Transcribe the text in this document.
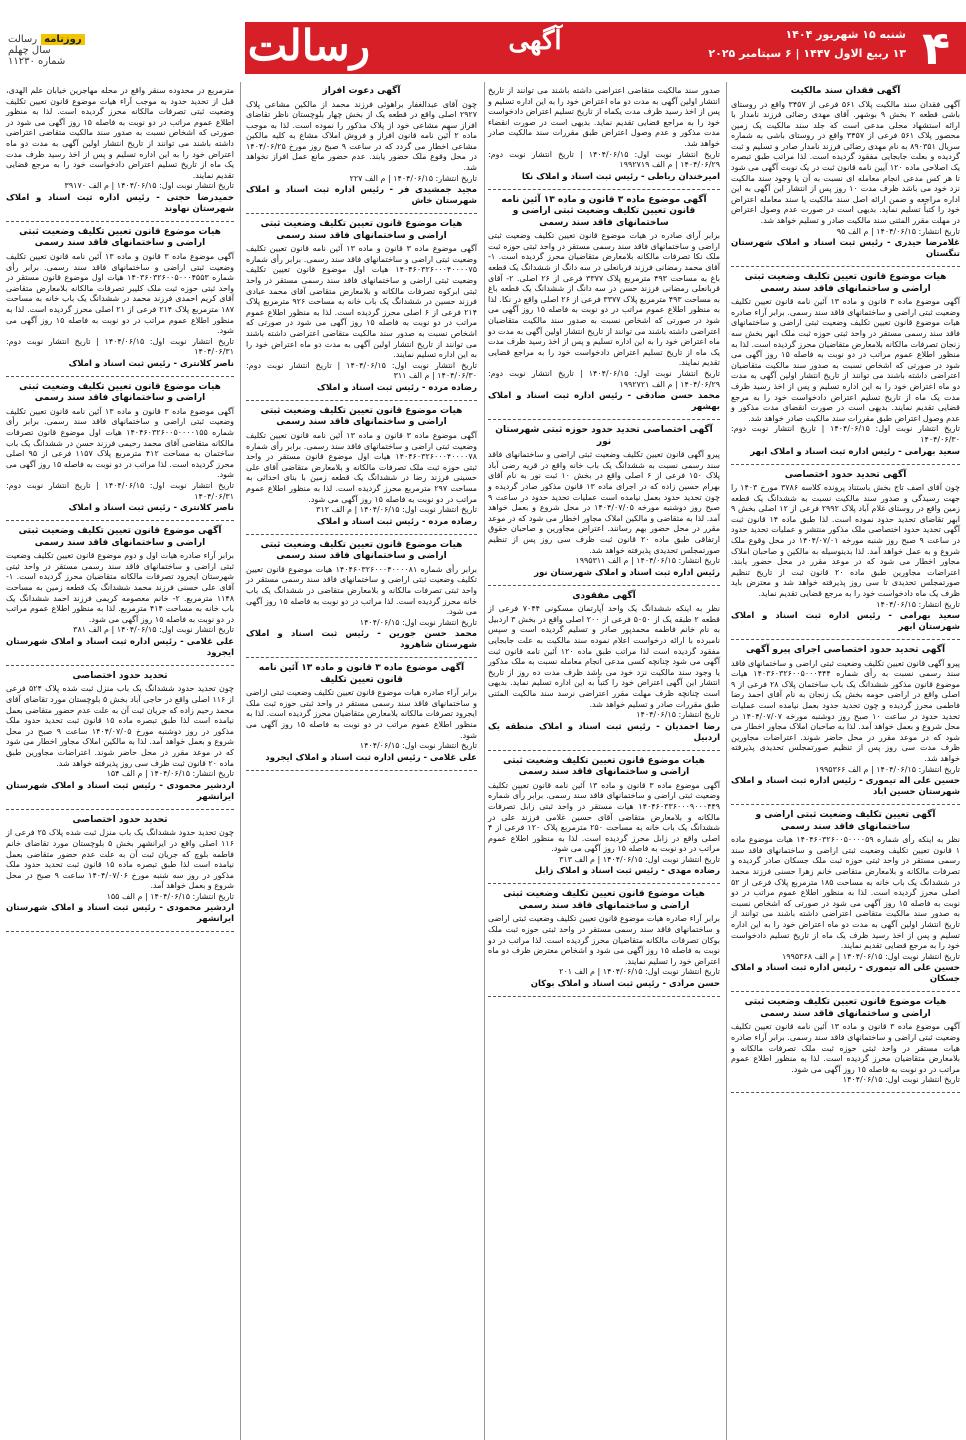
۴
شنبه ۱۵ شهریور ۱۴۰۴
۱۳ ربیع الاول ۱۴۴۷ | ۶ سپتامبر ۲۰۲۵
آگهی
رسالت
روزنامهرسالت
سال چهلم
شماره ۱۱۲۳۰
آگهی فقدان سند مالکیت
آگهی فقدان سند مالکیت پلاک ۵۶۱ فرعی از ۳۴۵۷ واقع در روستای باشی قطعه ۲ بخش ۹ بوشهر. آقای مهدی رضائی فرزند نامدار با ارائه استشهاد محلی مدعی است که جلد سند مالکیت یک زمین محصور پلاک ۵۶۱ فرعی از ۳۴۵۷ واقع در روستای باشی به شماره سریال ۸۹۰۳۵۱ به نام مهدی رضائی فرزند نامدار صادر و تسلیم و ثبت گردیده و بعلت جابجایی مفقود گردیده است. لذا مراتب طبق تبصره یک اصلاحی ماده ۱۲۰ آیین نامه قانون ثبت در یک نوبت آگهی می شود تا هر کس مدعی انجام معامله ای نسبت به آن یا وجود سند مالکیت نزد خود می باشد ظرف مدت ۱۰ روز پس از انتشار این آگهی به این اداره مراجعه و ضمن ارائه اصل سند مالکیت یا سند معامله اعتراض خود را کتباً تسلیم نماید. بدیهی است در صورت عدم وصول اعتراض در مهلت مقرر المثنی سند مالکیت صادر و تسلیم خواهد شد.
تاریخ انتشار: ۱۴۰۴/۰۶/۱۵ | م الف ۹۵
غلامرضا حیدری - رئیس ثبت اسناد و املاک شهرستان تنگستان
هیات موضوع قانون تعیین تکلیف وضعیت ثبتی اراضی و ساختمانهای فاقد سند رسمی
آگهی موضوع ماده ۳ قانون و ماده ۱۳ آئین نامه قانون تعیین تکلیف وضعیت ثبتی اراضی و ساختمانهای فاقد سند رسمی. برابر آراء صادره هیات موضوع قانون تعیین تکلیف وضعیت ثبتی اراضی و ساختمانهای فاقد سند رسمی مستقر در واحد ثبتی حوزه ثبت ملک ابهر بخش سه زنجان تصرفات مالکانه بلامعارض متقاضیان محرز گردیده است. لذا به منظور اطلاع عموم مراتب در دو نوبت به فاصله ۱۵ روز آگهی می شود در صورتی که اشخاص نسبت به صدور سند مالکیت متقاضیان اعتراضی داشته باشند می توانند از تاریخ انتشار اولین آگهی به مدت دو ماه اعتراض خود را به این اداره تسلیم و پس از اخذ رسید ظرف مدت یک ماه از تاریخ تسلیم اعتراض دادخواست خود را به مرجع قضایی تقدیم نمایند. بدیهی است در صورت انقضای مدت مذکور و عدم وصول اعتراض طبق مقررات سند مالکیت صادر خواهد شد.
تاریخ انتشار نوبت اول: ۱۴۰۴/۰۶/۱۵ | تاریخ انتشار نوبت دوم: ۱۴۰۴/۰۶/۳۰
سعید بهرامی - رئیس اداره ثبت اسناد و املاک ابهر
آگهی تحدید حدود اختصاصی
چون آقای اصف تاج بخش باستناد پرونده کلاسه ۳۷۸۶ مورخ ۱۴۰۳ را جهت رسیدگی و صدور سند مالکیت نسبت به ششدانگ یک قطعه زمین واقع در روستای غلام آباد پلاک ۲۹۹۲ فرعی از ۱۲ اصلی بخش ۹ ابهر تقاضای تحدید حدود نموده است. لذا طبق ماده ۱۴ قانون ثبت آگهی تحدید حدود اختصاصی ملک مذکور منتشر و عملیات تحدید حدود در ساعت ۹ صبح روز شنبه مورخه ۱۴۰۴/۰۷/۰۱ در محل وقوع ملک شروع و به عمل خواهد آمد. لذا بدینوسیله به مالکین و صاحبان املاک مجاور اخطار می شود که در موعد مقرر در محل حضور یابند. اعتراضات مجاورین طبق ماده ۲۰ قانون ثبت از تاریخ تنظیم صورتمجلس تحدیدی تا سی روز پذیرفته خواهد شد و معترض باید ظرف یک ماه دادخواست خود را به مرجع قضایی تقدیم نماید.
تاریخ انتشار: ۱۴۰۴/۰۶/۱۵
سعید بهرامی - رئیس اداره ثبت اسناد و املاک شهرستان ابهر
آگهی تحدید حدود اختصاصی اجرای پیرو آگهی
پیرو آگهی قانون تعیین تکلیف وضعیت ثبتی اراضی و ساختمانهای فاقد سند رسمی نسبت به رأی شماره ۱۴۰۳۶۰۳۲۶۰۰۵۰۰۰۴۴۴ هیات موضوع قانون مذکور ششدانگ یک باب ساختمان پلاک ۲۸ فرعی از ۹ اصلی واقع در اراضی حومه بخش یک زنجان به نام آقای احمد رضا فاطمی محرز گردیده و چون تحدید حدود بعمل نیامده است عملیات تحدید حدود در ساعت ۱۰ صبح روز دوشنبه مورخه ۱۴۰۴/۰۷/۰۷ در محل شروع و بعمل خواهد آمد. لذا به صاحبان املاک مجاور اخطار می شود که در موعد مقرر در محل حاضر شوند. اعتراضات مجاورین ظرف مدت سی روز پس از تنظیم صورتمجلس تحدیدی پذیرفته خواهد شد.
تاریخ انتشار: ۱۴۰۴/۰۶/۱۵ | م الف ۱۹۹۵۳۶۶
حسین علی اله تیموری - رئیس اداره ثبت اسناد و املاک شهرستان حسین اباد
آگهی تعیین تکلیف وضعیت ثبتی اراضی و ساختمانهای فاقد سند رسمی
نظر به اینکه رأی شماره ۱۴۰۴۶۰۳۲۶۰۰۵۰۰۰۰۵۹ هیات موضوع ماده ۱ قانون تعیین تکلیف وضعیت ثبتی اراضی و ساختمانهای فاقد سند رسمی مستقر در واحد ثبتی حوزه ثبت ملک جسکان صادر گردیده و تصرفات مالکانه و بلامعارض متقاضی خانم زهرا حسنی فرزند محمد در ششدانگ یک باب خانه به مساحت ۱۸۵ مترمربع پلاک فرعی از ۵۲ اصلی محرز گردیده است. لذا به منظور اطلاع عموم مراتب در دو نوبت به فاصله ۱۵ روز آگهی می شود در صورتی که اشخاص نسبت به صدور سند مالکیت متقاضی اعتراضی داشته باشند می توانند از تاریخ انتشار اولین آگهی به مدت دو ماه اعتراض خود را به این اداره تسلیم و پس از اخذ رسید ظرف یک ماه از تاریخ تسلیم دادخواست خود را به مرجع قضایی تقدیم نمایند.
تاریخ انتشار نوبت اول: ۱۴۰۴/۰۶/۱۵ | م الف ۱۹۹۵۳۶۸
حسین علی اله تیموری - رئیس اداره ثبت اسناد و املاک جسکان
هیات موضوع قانون تعیین تکلیف وضعیت ثبتی اراضی و ساختمانهای فاقد سند رسمی
آگهی موضوع ماده ۳ قانون و ماده ۱۳ آئین نامه قانون تعیین تکلیف وضعیت ثبتی اراضی و ساختمانهای فاقد سند رسمی. برابر آراء صادره هیات مستقر در واحد ثبتی حوزه ثبت ملک تصرفات مالکانه و بلامعارض متقاضیان محرز گردیده است. لذا به منظور اطلاع عموم مراتب در دو نوبت به فاصله ۱۵ روز آگهی می شود.
تاریخ انتشار نوبت اول: ۱۴۰۴/۰۶/۱۵
صدور سند مالکیت متقاضی اعتراضی داشته باشند می توانند از تاریخ انتشار اولین آگهی به مدت دو ماه اعتراض خود را به این اداره تسلیم و پس از اخذ رسید ظرف مدت یکماه از تاریخ تسلیم اعتراض دادخواست خود را به مراجع قضایی تقدیم نماید. بدیهی است در صورت انقضاء مدت مذکور و عدم وصول اعتراض طبق مقررات سند مالکیت صادر خواهد شد.
تاریخ انتشار نوبت اول: ۱۴۰۴/۰۶/۱۵ | تاریخ انتشار نوبت دوم: ۱۴۰۴/۰۶/۲۹ | م الف ۱۹۹۲۷۱۹
امیرخندان رباطی - رئیس ثبت اسناد و املاک نکا
آگهی موضوع ماده ۳ قانون و ماده ۱۳ آئین نامه قانون تعیین تکلیف وضعیت ثبتی اراضی و ساختمانهای فاقد سند رسمی
برابر آرای صادره در هیات موضوع قانون تعیین تکلیف وضعیت ثبتی اراضی و ساختمانهای فاقد سند رسمی مستقر در واحد ثبتی حوزه ثبت ملک نکا تصرفات مالکانه بلامعارض متقاضیان محرز گردیده است. ۱- آقای محمد رمضانی فرزند قربانعلی در سه دانگ از ششدانگ یک قطعه باغ به مساحت ۴۹۳ مترمربع پلاک ۳۳۷۷ فرعی از ۲۶ اصلی. ۲- آقای قربانعلی رمضانی فرزند حسن در سه دانگ از ششدانگ یک قطعه باغ به مساحت ۴۹۳ مترمربع پلاک ۳۳۷۷ فرعی از ۲۶ اصلی واقع در نکا. لذا به منظور اطلاع عموم مراتب در دو نوبت به فاصله ۱۵ روز آگهی می شود در صورتی که اشخاص نسبت به صدور سند مالکیت متقاضیان اعتراضی داشته باشند می توانند از تاریخ انتشار اولین آگهی به مدت دو ماه اعتراض خود را به این اداره تسلیم و پس از اخذ رسید ظرف مدت یک ماه از تاریخ تسلیم اعتراض دادخواست خود را به مراجع قضایی تقدیم نمایند.
تاریخ انتشار نوبت اول: ۱۴۰۴/۰۶/۱۵ | تاریخ انتشار نوبت دوم: ۱۴۰۴/۰۶/۲۹ | م الف ۱۹۹۲۷۲۱
محمد حسن صادقی - رئیس اداره ثبت اسناد و املاک بهشهر
آگهی اختصاصی تحدید حدود حوزه ثبتی شهرستان نور
پیرو آگهی قانون تعیین تکلیف وضعیت ثبتی اراضی و ساختمانهای فاقد سند رسمی نسبت به ششدانگ یک باب خانه واقع در قریه رضی آباد پلاک ۱۵۰ فرعی از ۶ اصلی واقع در بخش ۱۰ ثبت نور به نام آقای بهرام حسین زاده که در اجرای ماده ۱۳ قانون مذکور صادر گردیده و چون تحدید حدود بعمل نیامده است عملیات تحدید حدود در ساعت ۹ صبح روز دوشنبه مورخه ۱۴۰۴/۰۷/۰۵ در محل شروع و بعمل خواهد آمد. لذا به متقاضی و مالکین املاک مجاور اخطار می شود که در موعد مقرر در محل حضور بهم رسانند. اعتراض مجاورین و صاحبان حقوق ارتفاقی طبق ماده ۲۰ قانون ثبت ظرف سی روز پس از تنظیم صورتمجلس تحدیدی پذیرفته خواهد شد.
تاریخ انتشار: ۱۴۰۴/۰۶/۱۵ | م الف ۱۹۹۵۳۱۱
رئیس اداره ثبت اسناد و املاک شهرستان نور
آگهی مفقودی
نظر به اینکه ششدانگ یک واحد آپارتمان مسکونی ۷۰۴۴ فرعی از قطعه ۲ طبقه یک از ۵۰۵۰ فرعی از ۲۰۰ اصلی واقع در بخش ۳ اردبیل به نام خانم فاطمه محمدپور صادر و تسلیم گردیده است و سپس نامبرده با ارائه درخواست اعلام نموده سند مالکیت به علت جابجایی مفقود گردیده است لذا مراتب طبق ماده ۱۲۰ آئین نامه قانون ثبت آگهی می شود چنانچه کسی مدعی انجام معامله نسبت به ملک مذکور یا وجود سند مالکیت نزد خود می باشد ظرف مدت ده روز از تاریخ انتشار این آگهی اعتراض خود را کتباً به این اداره تسلیم نماید. بدیهی است چنانچه ظرف مهلت مقرر اعتراضی نرسد سند مالکیت المثنی طبق مقررات صادر و تسلیم خواهد شد.
تاریخ انتشار: ۱۴۰۴/۰۶/۱۵
رضا احمدیان - رئیس ثبت اسناد و املاک منطقه یک اردبیل
هیات موضوع قانون تعیین تکلیف وضعیت ثبتی اراضی و ساختمانهای فاقد سند رسمی
آگهی موضوع ماده ۳ قانون و ماده ۱۳ آئین نامه قانون تعیین تکلیف وضعیت ثبتی اراضی و ساختمانهای فاقد سند رسمی. برابر رأی شماره ۱۴۰۴۶۰۳۳۶۰۰۰۹۰۰۰۴۴۹ هیات مستقر در واحد ثبتی زابل تصرفات مالکانه و بلامعارض متقاضی آقای حسین غلامی فرزند علی در ششدانگ یک باب خانه به مساحت ۲۵۰ مترمربع پلاک ۱۲۰ فرعی از ۴ اصلی واقع در زابل محرز گردیده است. لذا به منظور اطلاع عموم مراتب در دو نوبت به فاصله ۱۵ روز آگهی می شود.
تاریخ انتشار نوبت اول: ۱۴۰۴/۰۶/۱۵ | م الف ۳۱۳
رضاده مهدی - رئیس ثبت اسناد و املاک زابل
هیات موضوع قانون تعیین تکلیف وضعیت ثبتی اراضی و ساختمانهای فاقد سند رسمی
برابر آراء صادره هیات موضوع قانون تعیین تکلیف وضعیت ثبتی اراضی و ساختمانهای فاقد سند رسمی مستقر در واحد ثبتی حوزه ثبت ملک بوکان تصرفات مالکانه متقاضیان محرز گردیده است. لذا مراتب در دو نوبت به فاصله ۱۵ روز آگهی می شود و اشخاص معترض ظرف دو ماه اعتراض خود را تسلیم نمایند.
تاریخ انتشار نوبت اول: ۱۴۰۴/۰۶/۱۵ | م الف ۲۰۱
حسن مرادی - رئیس ثبت اسناد و املاک بوکان
آگهی دعوت افراز
چون آقای عبدالغفار براهوئی فرزند محمد از مالکین مشاعی پلاک ۲۹۲۷ اصلی واقع در قطعه یک از بخش چهار بلوچستان ناظر تقاضای افراز سهم مشاعی خود از پلاک مذکور را نموده است. لذا به موجب ماده ۲ آئین نامه قانون افراز و فروش املاک مشاع به کلیه مالکین مشاعی اخطار می گردد که در ساعت ۹ صبح روز مورخ ۱۴۰۴/۰۶/۲۵ در محل وقوع ملک حضور یابند. عدم حضور مانع عمل افراز نخواهد شد.
تاریخ انتشار: ۱۴۰۴/۰۶/۱۵ | م الف ۲۲۷
مجید جمشیدی فر - رئیس اداره ثبت اسناد و املاک شهرستان خاش
هیات موضوع قانون تعیین تکلیف وضعیت ثبتی اراضی و ساختمانهای فاقد سند رسمی
آگهی موضوع ماده ۳ قانون و ماده ۱۳ آئین نامه قانون تعیین تکلیف وضعیت ثبتی اراضی و ساختمانهای فاقد سند رسمی. برابر رأی شماره ۱۴۰۴۶۰۳۲۶۰۰۰۴۰۰۰۰۷۵ هیات اول موضوع قانون تعیین تکلیف وضعیت ثبتی اراضی و ساختمانهای فاقد سند رسمی مستقر در واحد ثبتی ابرکوه تصرفات مالکانه و بلامعارض متقاضی آقای محمد عبادی فرزند حسین در ششدانگ یک باب خانه به مساحت ۹۲۶ مترمربع پلاک ۲۱۴ فرعی از ۶ اصلی محرز گردیده است. لذا به منظور اطلاع عموم مراتب در دو نوبت به فاصله ۱۵ روز آگهی می شود در صورتی که اشخاص نسبت به صدور سند مالکیت متقاضی اعتراضی داشته باشند می توانند از تاریخ انتشار اولین آگهی به مدت دو ماه اعتراض خود را به این اداره تسلیم نمایند.
تاریخ انتشار نوبت اول: ۱۴۰۴/۰۶/۱۵ | تاریخ انتشار نوبت دوم: ۱۴۰۴/۰۶/۳۰ | م الف ۳۱۱
رضاده مرده - رئیس ثبت اسناد و املاک
هیات موضوع قانون تعیین تکلیف وضعیت ثبتی اراضی و ساختمانهای فاقد سند رسمی
آگهی موضوع ماده ۳ قانون و ماده ۱۳ آئین نامه قانون تعیین تکلیف وضعیت ثبتی اراضی و ساختمانهای فاقد سند رسمی. برابر رأی شماره ۱۴۰۴۶۰۳۲۶۰۰۰۴۰۰۰۰۷۸ هیات اول موضوع قانون مستقر در واحد ثبتی حوزه ثبت ملک تصرفات مالکانه و بلامعارض متقاضی آقای علی حسینی فرزند رضا در ششدانگ یک قطعه زمین با بنای احداثی به مساحت ۲۹۷ مترمربع محرز گردیده است. لذا به منظور اطلاع عموم مراتب در دو نوبت به فاصله ۱۵ روز آگهی می شود.
تاریخ انتشار نوبت اول: ۱۴۰۴/۰۶/۱۵ | م الف ۳۱۲
رضاده مرده - رئیس ثبت اسناد و املاک
هیات موضوع قانون تعیین تکلیف وضعیت ثبتی اراضی و ساختمانهای فاقد سند رسمی
برابر رأی شماره ۱۴۰۴۶۰۳۲۶۰۰۰۴۰۰۰۰۸۱ هیات موضوع قانون تعیین تکلیف وضعیت ثبتی اراضی و ساختمانهای فاقد سند رسمی مستقر در واحد ثبتی تصرفات مالکانه و بلامعارض متقاضی در ششدانگ یک باب خانه محرز گردیده است. لذا مراتب در دو نوبت به فاصله ۱۵ روز آگهی می شود.
تاریخ انتشار نوبت اول: ۱۴۰۴/۰۶/۱۵
محمد حسن جورین - رئیس ثبت اسناد و املاک شهرستان شاهرود
آگهی موضوع ماده ۳ قانون و ماده ۱۳ آئین نامه قانون تعیین تکلیف
برابر آراء صادره هیات موضوع قانون تعیین تکلیف وضعیت ثبتی اراضی و ساختمانهای فاقد سند رسمی مستقر در واحد ثبتی حوزه ثبت ملک ایجرود تصرفات مالکانه بلامعارض متقاضیان محرز گردیده است. لذا به منظور اطلاع عموم مراتب در دو نوبت به فاصله ۱۵ روز آگهی می شود.
تاریخ انتشار نوبت اول: ۱۴۰۴/۰۶/۱۵
علی غلامی - رئیس اداره ثبت اسناد و املاک ایجرود
مترمربع در محدوده سنقر واقع در محله مهاجرین خیابان علم الهدی، قبل از تحدید حدود به موجب آراء هیات موضوع قانون تعیین تکلیف وضعیت ثبتی تصرفات مالکانه محرز گردیده است. لذا به منظور اطلاع عموم مراتب در دو نوبت به فاصله ۱۵ روز آگهی می شود در صورتی که اشخاص نسبت به صدور سند مالکیت متقاضی اعتراضی داشته باشند می توانند از تاریخ انتشار اولین آگهی به مدت دو ماه اعتراض خود را به این اداره تسلیم و پس از اخذ رسید ظرف مدت یک ماه از تاریخ تسلیم اعتراض دادخواست خود را به مرجع قضایی تقدیم نمایند.
تاریخ انتشار نوبت اول: ۱۴۰۴/۰۶/۱۵ | م الف ۳۹۱۷۰
حمیدرضا حجتی - رئیس اداره ثبت اسناد و املاک شهرستان نهاوند
هیات موضوع قانون تعیین تکلیف وضعیت ثبتی اراضی و ساختمانهای فاقد سند رسمی
آگهی موضوع ماده ۳ قانون و ماده ۱۳ آئین نامه قانون تعیین تکلیف وضعیت ثبتی اراضی و ساختمانهای فاقد سند رسمی. برابر رأی شماره ۱۴۰۳۶۰۳۲۶۰۰۵۰۰۰۴۵۵۳ هیات اول موضوع قانون مستقر در واحد ثبتی حوزه ثبت ملک کلیبر تصرفات مالکانه بلامعارض متقاضی آقای کریم احمدی فرزند محمد در ششدانگ یک باب خانه به مساحت ۱۸۷ مترمربع پلاک ۲۱۴ فرعی از ۲۱ اصلی محرز گردیده است. لذا به منظور اطلاع عموم مراتب در دو نوبت به فاصله ۱۵ روز آگهی می شود.
تاریخ انتشار نوبت اول: ۱۴۰۴/۰۶/۱۵ | تاریخ انتشار نوبت دوم: ۱۴۰۴/۰۶/۳۱
ناصر کلانتری - رئیس ثبت اسناد و املاک
هیات موضوع قانون تعیین تکلیف وضعیت ثبتی اراضی و ساختمانهای فاقد سند رسمی
آگهی موضوع ماده ۳ قانون و ماده ۱۳ آئین نامه قانون تعیین تکلیف وضعیت ثبتی اراضی و ساختمانهای فاقد سند رسمی. برابر رأی شماره ۱۴۰۴۶۰۳۲۶۰۰۵۰۰۰۰۱۵۵ هیات اول موضوع قانون تصرفات مالکانه متقاضی آقای محمد رحیمی فرزند حسن در ششدانگ یک باب ساختمان به مساحت ۴۱۲ مترمربع پلاک ۱۱۵۷ فرعی از ۹۵ اصلی محرز گردیده است. لذا مراتب در دو نوبت به فاصله ۱۵ روز آگهی می شود.
تاریخ انتشار نوبت اول: ۱۴۰۴/۰۶/۱۵ | تاریخ انتشار نوبت دوم: ۱۴۰۴/۰۶/۳۱
ناصر کلانتری - رئیس ثبت اسناد و املاک
آگهی موضوع قانون تعیین تکلیف وضعیت ثبتی اراضی و ساختمانهای فاقد سند رسمی
برابر آراء صادره هیات اول و دوم موضوع قانون تعیین تکلیف وضعیت ثبتی اراضی و ساختمانهای فاقد سند رسمی مستقر در واحد ثبتی شهرستان ایجرود تصرفات مالکانه متقاضیان محرز گردیده است. ۱- آقای علی حسنی فرزند محمد ششدانگ یک قطعه زمین به مساحت ۱۱۴۸ مترمربع. ۲- خانم معصومه کریمی فرزند احمد ششدانگ یک باب خانه به مساحت ۴۱۴ مترمربع. لذا به منظور اطلاع عموم مراتب در دو نوبت به فاصله ۱۵ روز آگهی می شود.
تاریخ انتشار نوبت اول: ۱۴۰۴/۰۶/۱۵ | م الف ۳۸۱
علی غلامی - رئیس اداره ثبت اسناد و املاک شهرستان ایجرود
تحدید حدود اختصاصی
چون تحدید حدود ششدانگ یک باب منزل ثبت شده پلاک ۵۲۴ فرعی از ۱۱۶ اصلی واقع در حاجی آباد بخش ۵ بلوچستان مورد تقاضای آقای محمد رحیم زاده که جریان ثبت آن به علت عدم حضور متقاضی بعمل نیامده است لذا طبق تبصره ماده ۱۵ قانون ثبت تحدید حدود ملک مذکور در روز دوشنبه مورخ ۱۴۰۴/۰۷/۰۵ ساعت ۹ صبح در محل شروع و بعمل خواهد آمد. لذا به مالکین املاک مجاور اخطار می شود که در موعد مقرر در محل حاضر شوند. اعتراضات مجاورین طبق ماده ۲۰ قانون ثبت ظرف سی روز پذیرفته خواهد شد.
تاریخ انتشار: ۱۴۰۴/۰۶/۱۵ | م الف ۱۵۴
اردشیر محمودی - رئیس ثبت اسناد و املاک شهرستان ایرانشهر
تحدید حدود اختصاصی
چون تحدید حدود ششدانگ یک باب منزل ثبت شده پلاک ۲۵ فرعی از ۱۱۶ اصلی واقع در ایرانشهر بخش ۵ بلوچستان مورد تقاضای خانم فاطمه بلوچ که جریان ثبت آن به علت عدم حضور متقاضی بعمل نیامده است لذا طبق تبصره ماده ۱۵ قانون ثبت تحدید حدود ملک مذکور در روز سه شنبه مورخ ۱۴۰۴/۰۷/۰۶ ساعت ۹ صبح در محل شروع و بعمل خواهد آمد.
تاریخ انتشار: ۱۴۰۴/۰۶/۱۵ | م الف ۱۵۵
اردشیر محمودی - رئیس ثبت اسناد و املاک شهرستان ایرانشهر
